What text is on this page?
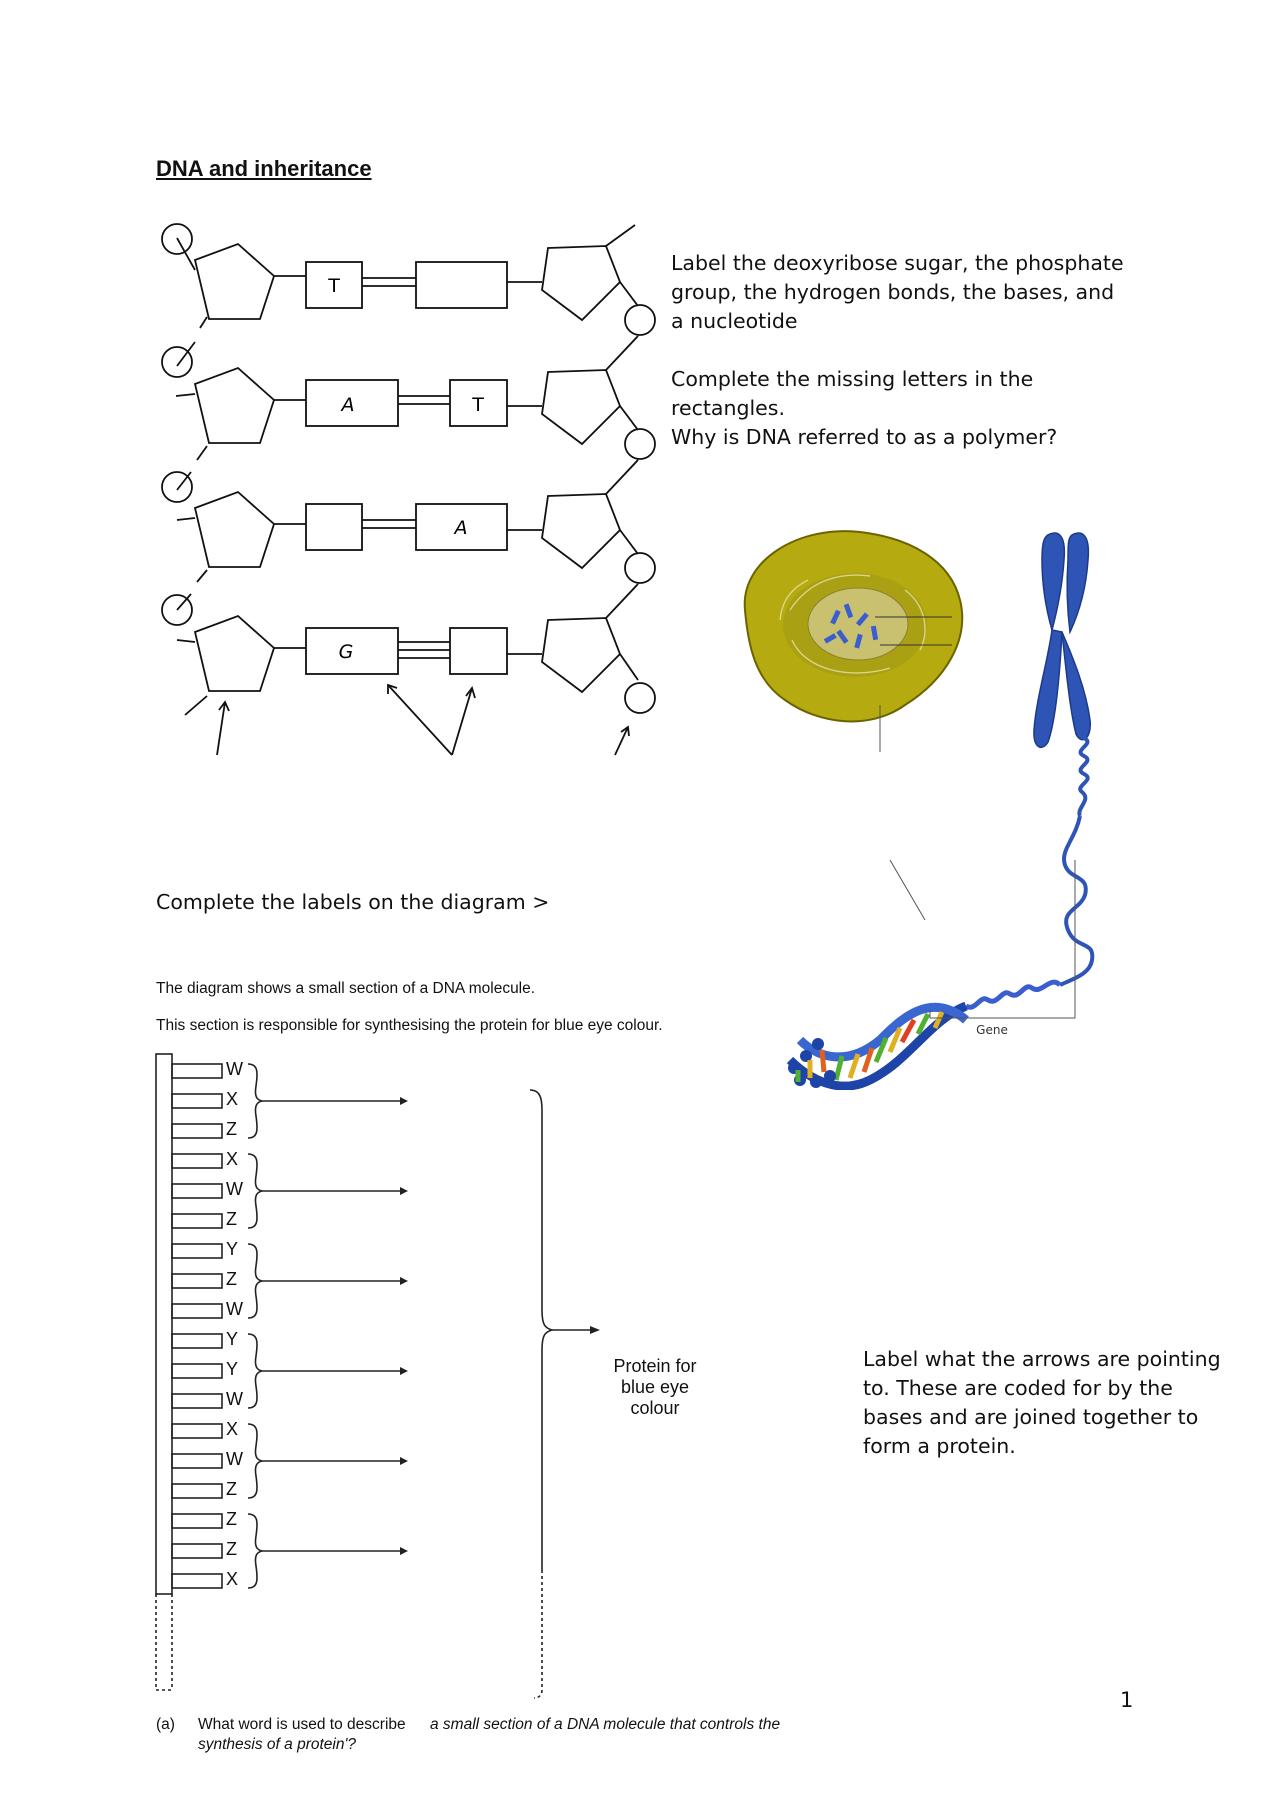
DNA and inheritance
T
A	T
A
G
Label the deoxyribose sugar, the phosphate group, the hydrogen bonds, the bases, and a nucleotide
Complete the missing letters in the rectangles.
Why is DNA referred to as a polymer?
Gene
Complete the labels on the diagram >
The diagram shows a small section of a DNA molecule.
This section is responsible for synthesising the protein for blue eye colour.
W
X
Z
X
W
Z
Y
Z
W
Y
Y
W
X
W
Z
Z
Z
X
Protein for
blue eye
colour
Label what the arrows are pointing to. These are coded for by the bases and are joined together to form a protein.
1
(a) What word is used to describe a small section of a DNA molecule that controls the
synthesis of a protein'?
